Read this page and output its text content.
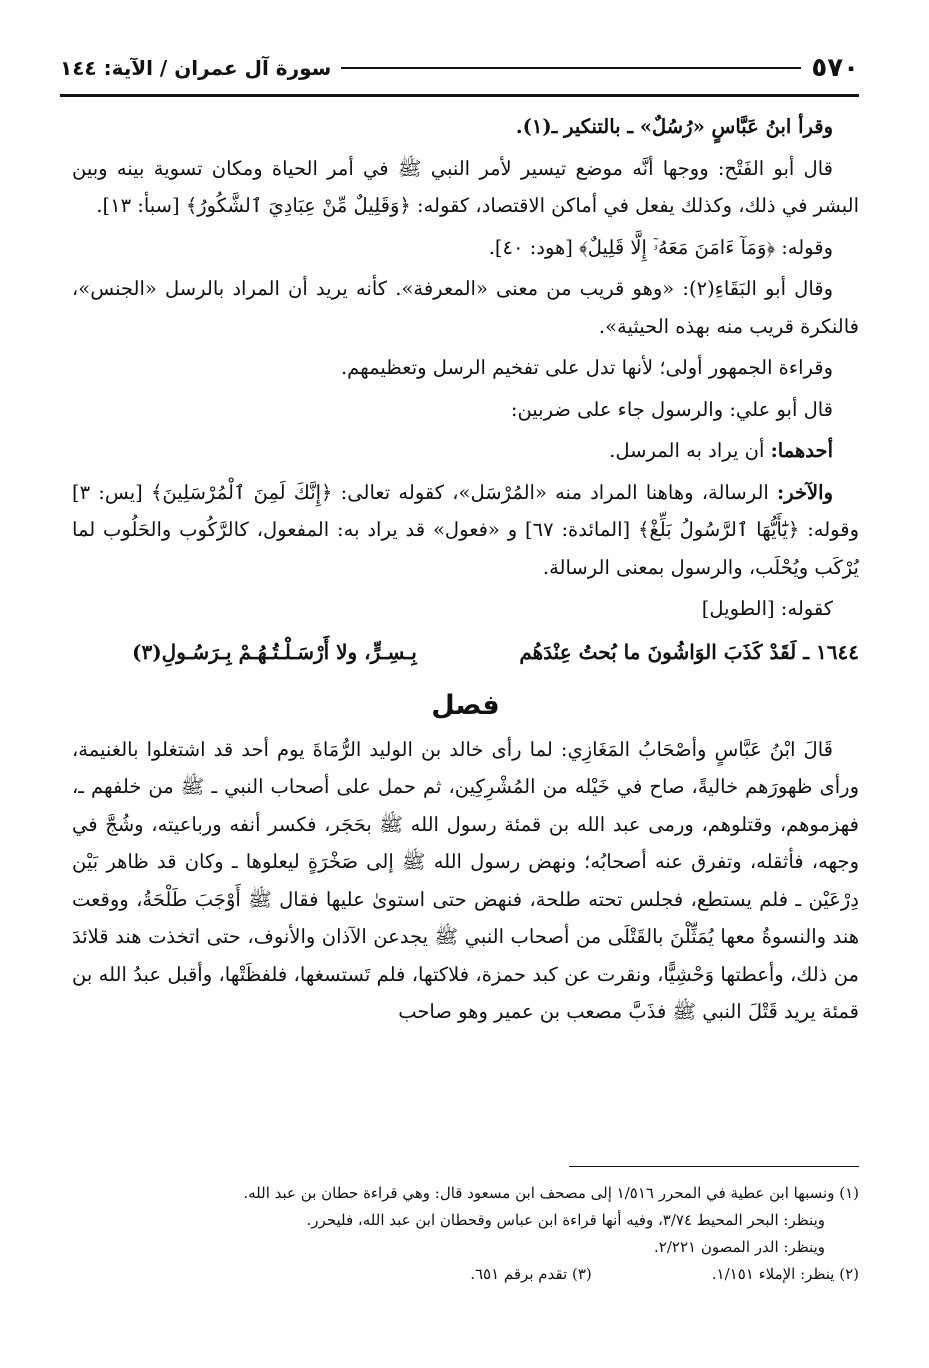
٥٧٠
سورة آل عمران / الآية: ١٤٤

وقرأ ابنُ عَبَّاسٍ «رُسُلٌ» ـ بالتنكير ـ(١).

قال أبو الفَتْح: ووجها أنَّه موضع تيسير لأمر النبي ﷺ في أمر الحياة ومكان تسوية بينه وبين البشر في ذلك، وكذلك يفعل في أماكن الاقتصاد، كقوله: ﴿وَقَلِيلٌ مِّنْ عِبَادِيَ ٱلشَّكُورُ﴾ [سبأ: ١٣].

وقوله: ﴿وَمَآ ءَامَنَ مَعَهُۥٓ إِلَّا قَلِيلٌ﴾ [هود: ٤٠].

وقال أبو البَقَاءِ(٢): «وهو قريب من معنى «المعرفة». كأنه يريد أن المراد بالرسل «الجنس»، فالنكرة قريب منه بهذه الحيثية».

وقراءة الجمهور أولى؛ لأنها تدل على تفخيم الرسل وتعظيمهم.

قال أبو علي: والرسول جاء على ضربين:

أحدهما: أن يراد به المرسل.

والآخر: الرسالة، وهاهنا المراد منه «المُرْسَل»، كقوله تعالى: ﴿إِنَّكَ لَمِنَ ٱلْمُرْسَلِينَ﴾ [يس: ٣] وقوله: ﴿يَٰٓأَيُّهَا ٱلرَّسُولُ بَلِّغْ﴾ [المائدة: ٦٧] و «فعول» قد يراد به: المفعول، كالرَّكُوب والحَلُوب لما يُرْكَب ويُحْلَب، والرسول بمعنى الرسالة.

كقوله: [الطويل]

١٦٤٤ ـ لَقَدْ كَذَبَ الوَاشُونَ ما بُحتُ عِنْدَهُم
بِـسِـرٍّ، ولا أَرْسَـلْـتُـهُـمْ بِـرَسُـولِ(٣)
فصل

قَالَ ابْنُ عَبَّاسٍ وأصْحَابُ المَغَازِي: لما رأى خالد بن الوليد الرُّمَاةَ يوم أحد قد اشتغلوا بالغنيمة، ورأى ظهورَهم خاليةً، صاح في خَيْله من المُشْرِكِين، ثم حمل على أصحاب النبي ـ ﷺ من خلفهم ـ، فهزموهم، وقتلوهم، ورمى عبد الله بن قمئة رسول الله ﷺ بحَجَر، فكسر أنفه ورباعيته، وشُجَّ في وجهه، فأثقله، وتفرق عنه أصحابُه؛ ونهض رسول الله ﷺ إلى صَخْرَةٍ ليعلوها ـ وكان قد ظاهر بَيْن دِرْعَيْن ـ فلم يستطع، فجلس تحته طلحة، فنهض حتى استوىٰ عليها فقال ﷺ أَوْجَبَ طَلْحَةُ، ووقعت هند والنسوةُ معها يُمَثِّلْنَ بالقَتْلَى من أصحاب النبي ﷺ يجدعن الآذان والأنوف، حتى اتخذت هند قلائدَ من ذلك، وأعطتها وَحْشِيًّا، ونقرت عن كبد حمزة، فلاكتها، فلم تَستسغها، فلفظَتْها، وأقبل عبدُ الله بن قمئة يريد قَتْلَ النبي ﷺ فذَبَّ مصعب بن عمير وهو صاحب

(١) ونسبها ابن عطية في المحرر ١/٥١٦ إلى مصحف ابن مسعود قال: وهي قراءة حطان بن عبد الله.

وينظر: البحر المحيط ٣/٧٤، وفيه أنها قراءة ابن عباس وقحطان ابن عبد الله، فليحرر.

وينظر: الدر المصون ٢/٢٢١.

(٢) ينظر: الإملاء ١/١٥١.
(٣) تقدم برقم ٦٥١.
